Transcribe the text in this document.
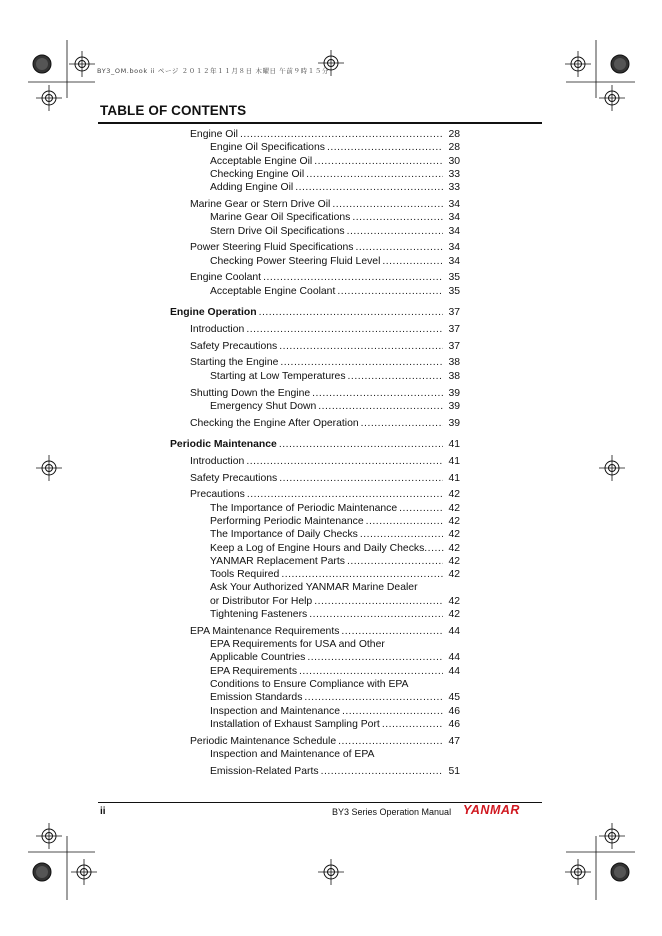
BY3_OM.book ii ページ ２０１２年１１月８日 木曜日 午前９時１５分
TABLE OF CONTENTS
Engine Oil .....	28
Engine Oil Specifications .....	28
Acceptable Engine Oil .....	30
Checking Engine Oil .....	33
Adding Engine Oil .....	33
Marine Gear or Stern Drive Oil .....	34
Marine Gear Oil Specifications .....	34
Stern Drive Oil Specifications .....	34
Power Steering Fluid Specifications .....	34
Checking Power Steering Fluid Level .....	34
Engine Coolant .....	35
Acceptable Engine Coolant .....	35
Engine Operation .....	37
Introduction .....	37
Safety Precautions .....	37
Starting the Engine .....	38
Starting at Low Temperatures .....	38
Shutting Down the Engine .....	39
Emergency Shut Down .....	39
Checking the Engine After Operation .....	39
Periodic Maintenance .....	41
Introduction .....	41
Safety Precautions .....	41
Precautions .....	42
The Importance of Periodic Maintenance .....	42
Performing Periodic Maintenance .....	42
The Importance of Daily Checks .....	42
Keep a Log of Engine Hours and Daily Checks .....	42
YANMAR Replacement Parts .....	42
Tools Required .....	42
Ask Your Authorized YANMAR Marine Dealer
or Distributor For Help .....	42
Tightening Fasteners .....	42
EPA Maintenance Requirements .....	44
EPA Requirements for USA and Other
Applicable Countries .....	44
EPA Requirements .....	44
Conditions to Ensure Compliance with EPA
Emission Standards .....	45
Inspection and Maintenance .....	46
Installation of Exhaust Sampling Port .....	46
Periodic Maintenance Schedule .....	47
Inspection and Maintenance of EPA
Emission-Related Parts .....	51
ii	BY3 Series Operation Manual YANMAR
